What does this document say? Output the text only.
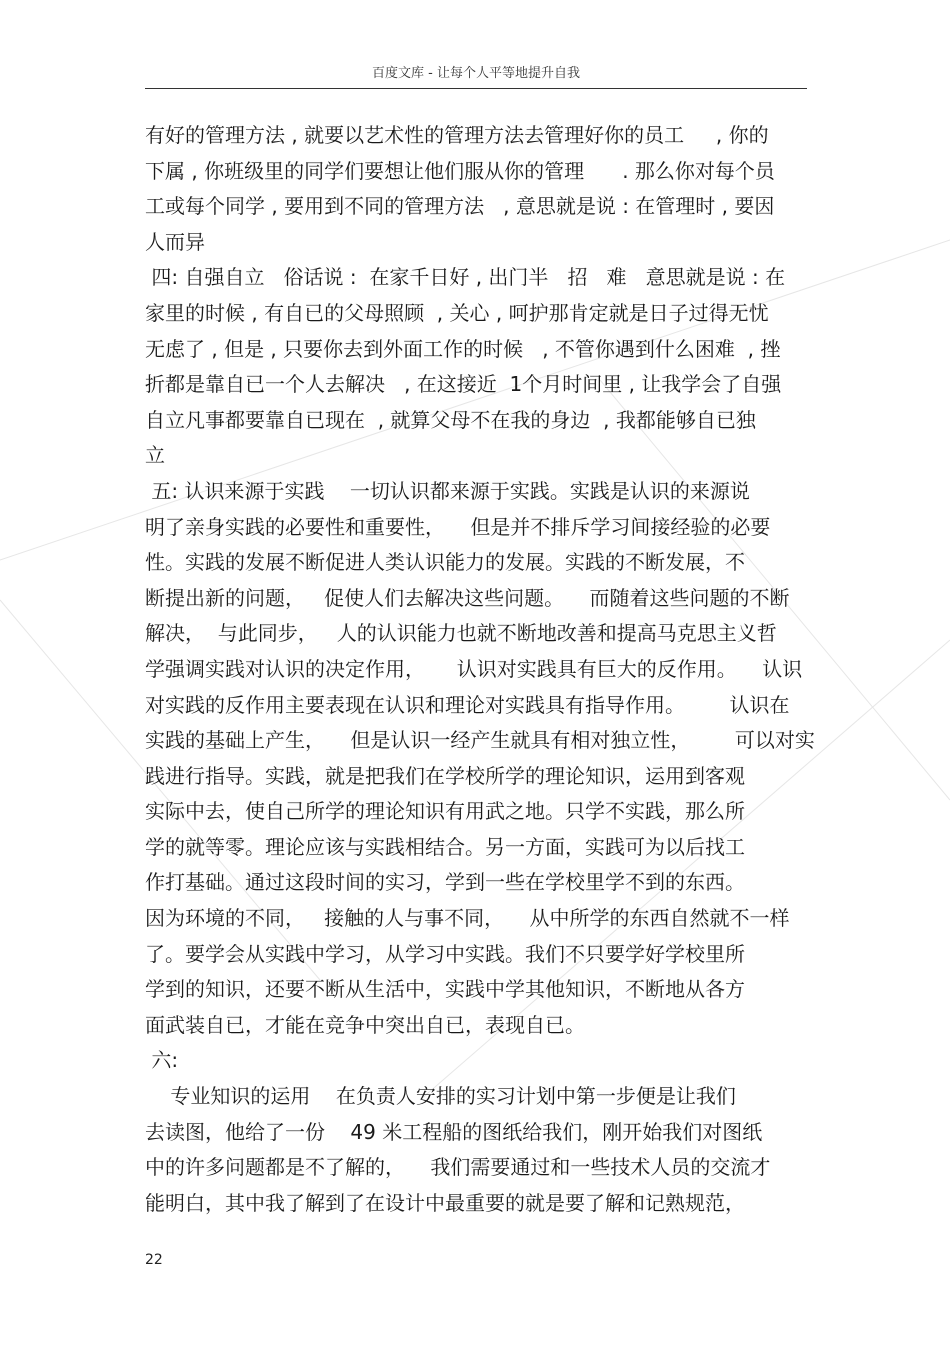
百度文库 - 让每个人平等地提升自我
有好的管理方法 , 就要以艺术性的管理方法去管理好你的员工     , 你的
下属 , 你班级里的同学们要想让他们服从你的管理      . 那么你对每个员
工或每个同学 , 要用到不同的管理方法   , 意思就是说 : 在管理时 , 要因
人而异
四: 自强自立   俗话说 :  在家千日好 , 出门半   招   难   意思就是说 : 在
家里的时候 , 有自已的父母照顾  , 关心 , 呵护那肯定就是日子过得无忧
无虑了 , 但是 , 只要你去到外面工作的时候   , 不管你遇到什么困难  , 挫
折都是靠自已一个人去解决   , 在这接近  1个月时间里 , 让我学会了自强
自立凡事都要靠自已现在  , 就算父母不在我的身边  , 我都能够自已独
立
五: 认识来源于实践    一切认识都来源于实践。实践是认识的来源说
明了亲身实践的必要性和重要性，    但是并不排斥学习间接经验的必要
性。实践的发展不断促进人类认识能力的发展。实践的不断发展，不
断提出新的问题，   促使人们去解决这些问题。    而随着这些问题的不断
解决，  与此同步，   人的认识能力也就不断地改善和提高马克思主义哲
学强调实践对认识的决定作用，     认识对实践具有巨大的反作用。    认识
对实践的反作用主要表现在认识和理论对实践具有指导作用。       认识在
实践的基础上产生，    但是认识一经产生就具有相对独立性，       可以对实
践进行指导。实践，就是把我们在学校所学的理论知识，运用到客观
实际中去，使自己所学的理论知识有用武之地。只学不实践，那么所
学的就等零。理论应该与实践相结合。另一方面，实践可为以后找工
作打基础。通过这段时间的实习，学到一些在学校里学不到的东西。
因为环境的不同，   接触的人与事不同，    从中所学的东西自然就不一样
了。要学会从实践中学习，从学习中实践。我们不只要学好学校里所
学到的知识，还要不断从生活中，实践中学其他知识，不断地从各方
面武装自已，才能在竞争中突出自已，表现自已。
六:
专业知识的运用    在负责人安排的实习计划中第一步便是让我们
去读图，他给了一份    49 米工程船的图纸给我们，刚开始我们对图纸
中的许多问题都是不了解的，    我们需要通过和一些技术人员的交流才
能明白，其中我了解到了在设计中最重要的就是要了解和记熟规范，
22
